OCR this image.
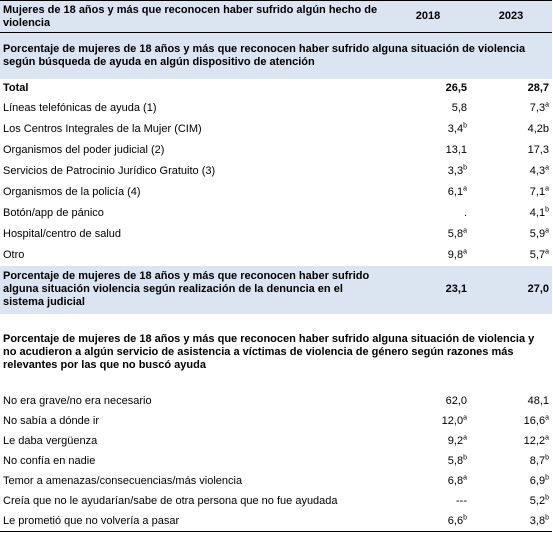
Mujeres de 18 años y más que reconocen haber sufrido algún hecho de violencia	2018	2023
Porcentaje de mujeres de 18 años y más que reconocen haber sufrido alguna situación de violencia según búsqueda de ayuda en algún dispositivo de atención		
Total	26,5	28,7
Líneas telefónicas de ayuda (1)	5,8	7,3$^a$
Los Centros Integrales de la Mujer (CIM)	3,4$^b$	4,2b
Organismos del poder judicial (2)	13,1	17,3
Servicios de Patrocinio Jurídico Gratuito (3)	3,3$^b$	4,3$^a$
Organismos de la policía (4)	6,1$^a$	7,1$^a$
Botón/app de pánico	.	4,1$^b$
Hospital/centro de salud	5,8$^a$	5,9$^a$
Otro	9,8$^a$	5,7$^a$
Porcentaje de mujeres de 18 años y más que reconocen haber sufrido alguna situación violencia según realización de la denuncia en el sistema judicial	23,1	27,0
Porcentaje de mujeres de 18 años y más que reconocen haber sufrido alguna situación de violencia y no acudieron a algún servicio de asistencia a víctimas de violencia de género según razones más relevantes por las que no buscó ayuda		
No era grave/no era necesario	62,0	48,1
No sabía a dónde ir	12,0$^a$	16,6$^a$
Le daba vergüenza	9,2$^a$	12,2$^a$
No confía en nadie	5,8$^b$	8,7$^b$
Temor a amenazas/consecuencias/más violencia	6,8$^a$	6,9$^b$
Creía que no le ayudarían/sabe de otra persona que no fue ayudada	---	5,2$^b$
Le prometió que no volvería a pasar	6,6$^b$	3,8$^b$
